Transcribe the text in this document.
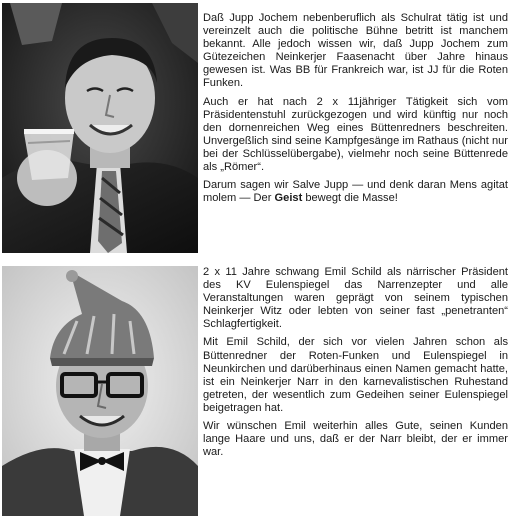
Daß Jupp Jochem nebenberuflich als Schulrat tätig ist und vereinzelt auch die politische Bühne betritt ist manchem bekannt. Alle jedoch wissen wir, daß Jupp Jochem zum Gütezeichen Neinkerjer Faasenacht über Jahre hinaus gewesen ist. Was BB für Frankreich war, ist JJ für die Roten Funken.

Auch er hat nach 2 x 11jähriger Tätigkeit sich vom Präsidentenstuhl zurückgezogen und wird künftig nur noch den dornenreichen Weg eines Büttenredners beschreiten. Unvergeßlich sind seine Kampfgesänge im Rathaus (nicht nur bei der Schlüsselübergabe), vielmehr noch seine Büttenrede als „Römer“.

Darum sagen wir Salve Jupp — und denk daran Mens agitat molem — Der Geist bewegt die Masse!

2 x 11 Jahre schwang Emil Schild als närrischer Präsident des KV Eulenspiegel das Narrenzepter und alle Veranstaltungen waren geprägt von seinem typischen Neinkerjer Witz oder lebten von seiner fast „penetranten“ Schlagfertigkeit.

Mit Emil Schild, der sich vor vielen Jahren schon als Büttenredner der Roten-Funken und Eulenspiegel in Neunkirchen und darüberhinaus einen Namen gemacht hatte, ist ein Neinkerjer Narr in den karnevalistischen Ruhestand getreten, der wesentlich zum Gedeihen seiner Eulenspiegel beigetragen hat.

Wir wünschen Emil weiterhin alles Gute, seinen Kunden lange Haare und uns, daß er der Narr bleibt, der er immer war.
